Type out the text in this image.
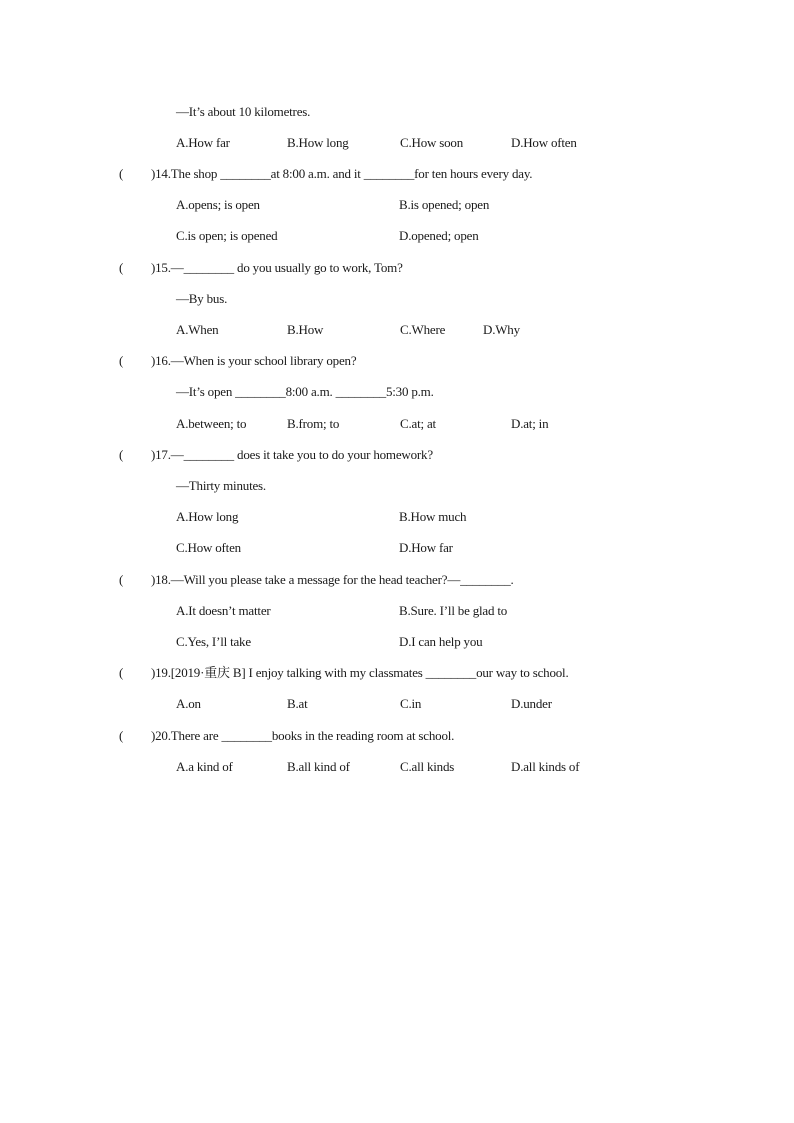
—It’s about 10 kilometres.
A.How far	B.How long	C.How soon	D.How often
( )14.The shop ________at 8:00 a.m. and it ________for ten hours every day.
A.opens; is open	B.is opened; open
C.is open; is opened	D.opened; open
( )15.—________ do you usually go to work, Tom?
—By bus.
A.When	B.How	C.Where	D.Why
( )16.—When is your school library open?
—It’s open ________8:00 a.m. ________5:30 p.m.
A.between; to	B.from; to	C.at; at	D.at; in
( )17.—________ does it take you to do your homework?
—Thirty minutes.
A.How long	B.How much
C.How often	D.How far
( )18.—Will you please take a message for the head teacher?—________.
A.It doesn’t matter	B.Sure. I’ll be glad to
C.Yes, I’ll take	D.I can help you
( )19.[2019·重庆 B] I enjoy talking with my classmates ________our way to school.
A.on	B.at	C.in	D.under
( )20.There are ________books in the reading room at school.
A.a kind of	B.all kind of	C.all kinds	D.all kinds of
